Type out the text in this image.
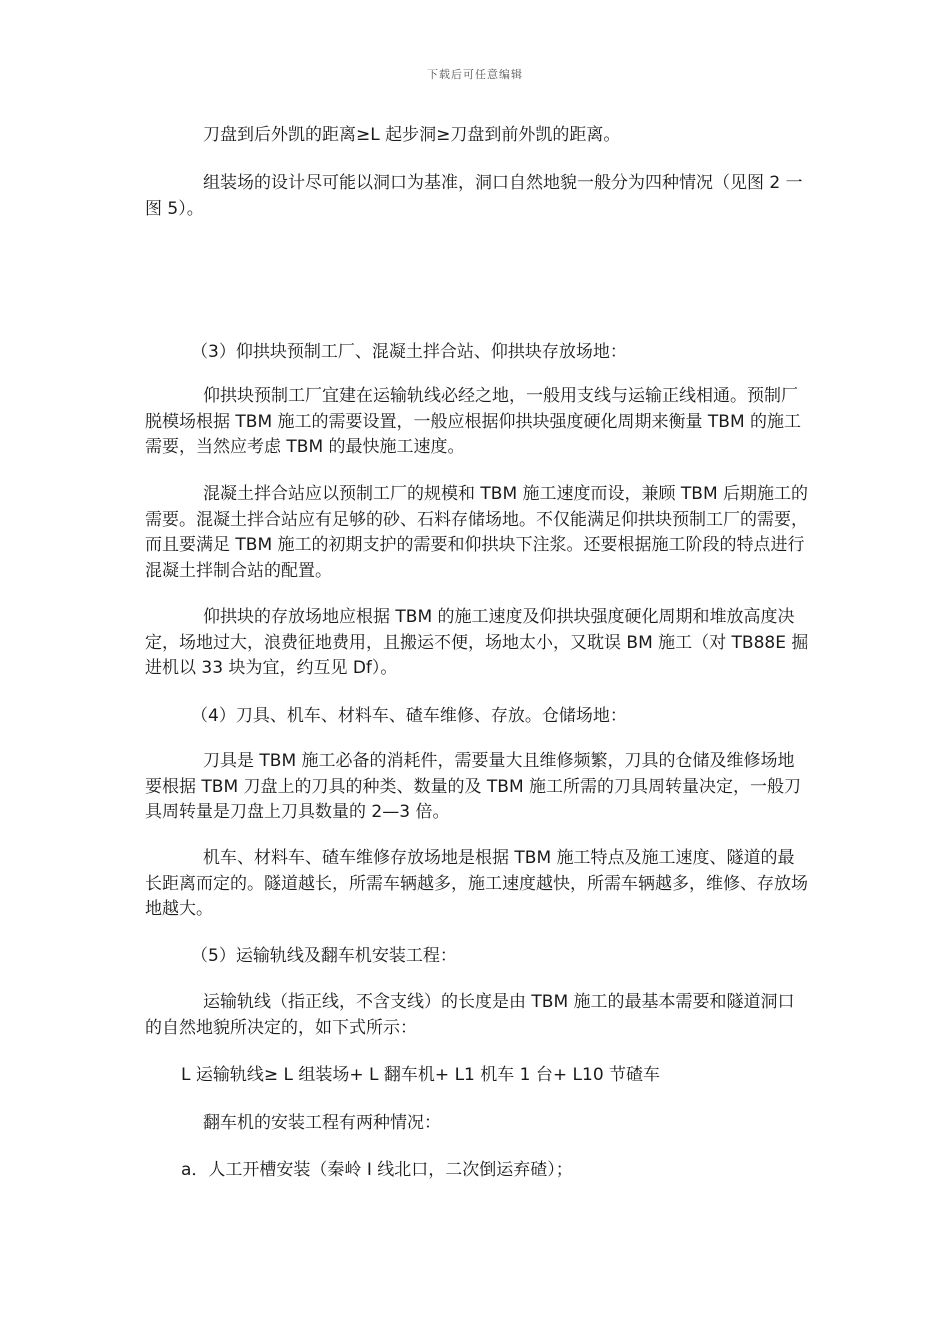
下载后可任意编辑

刀盘到后外凯的距离≥L 起步洞≥刀盘到前外凯的距离。

组装场的设计尽可能以洞口为基准，洞口自然地貌一般分为四种情况（见图 2 一图 5）。

（3）仰拱块预制工厂、混凝土拌合站、仰拱块存放场地：

仰拱块预制工厂宜建在运输轨线必经之地，一般用支线与运输正线相通。预制厂脱模场根据 TBM 施工的需要设置，一般应根据仰拱块强度硬化周期来衡量 TBM 的施工需要，当然应考虑 TBM 的最快施工速度。

混凝土拌合站应以预制工厂的规模和 TBM 施工速度而设，兼顾 TBM 后期施工的需要。混凝土拌合站应有足够的砂、石料存储场地。不仅能满足仰拱块预制工厂的需要，而且要满足 TBM 施工的初期支护的需要和仰拱块下注浆。还要根据施工阶段的特点进行混凝土拌制合站的配置。

仰拱块的存放场地应根据 TBM 的施工速度及仰拱块强度硬化周期和堆放高度决定，场地过大，浪费征地费用，且搬运不便，场地太小，又耽误 BM 施工（对 TB88E 掘进机以 33 块为宜，约互见 Df）。

（4）刀具、机车、材料车、碴车维修、存放。仓储场地：

刀具是 TBM 施工必备的消耗件，需要量大且维修频繁，刀具的仓储及维修场地要根据 TBM 刀盘上的刀具的种类、数量的及 TBM 施工所需的刀具周转量决定，一般刀具周转量是刀盘上刀具数量的 2—3 倍。

机车、材料车、碴车维修存放场地是根据 TBM 施工特点及施工速度、隧道的最长距离而定的。隧道越长，所需车辆越多，施工速度越快，所需车辆越多，维修、存放场地越大。

（5）运输轨线及翻车机安装工程：

运输轨线（指正线，不含支线）的长度是由 TBM 施工的最基本需要和隧道洞口的自然地貌所决定的，如下式所示：

L 运输轨线≥ L 组装场+ L 翻车机+ L1 机车 1 台+ L10 节碴车

翻车机的安装工程有两种情况：

a．人工开槽安装（秦岭 I 线北口，二次倒运弃碴）；
